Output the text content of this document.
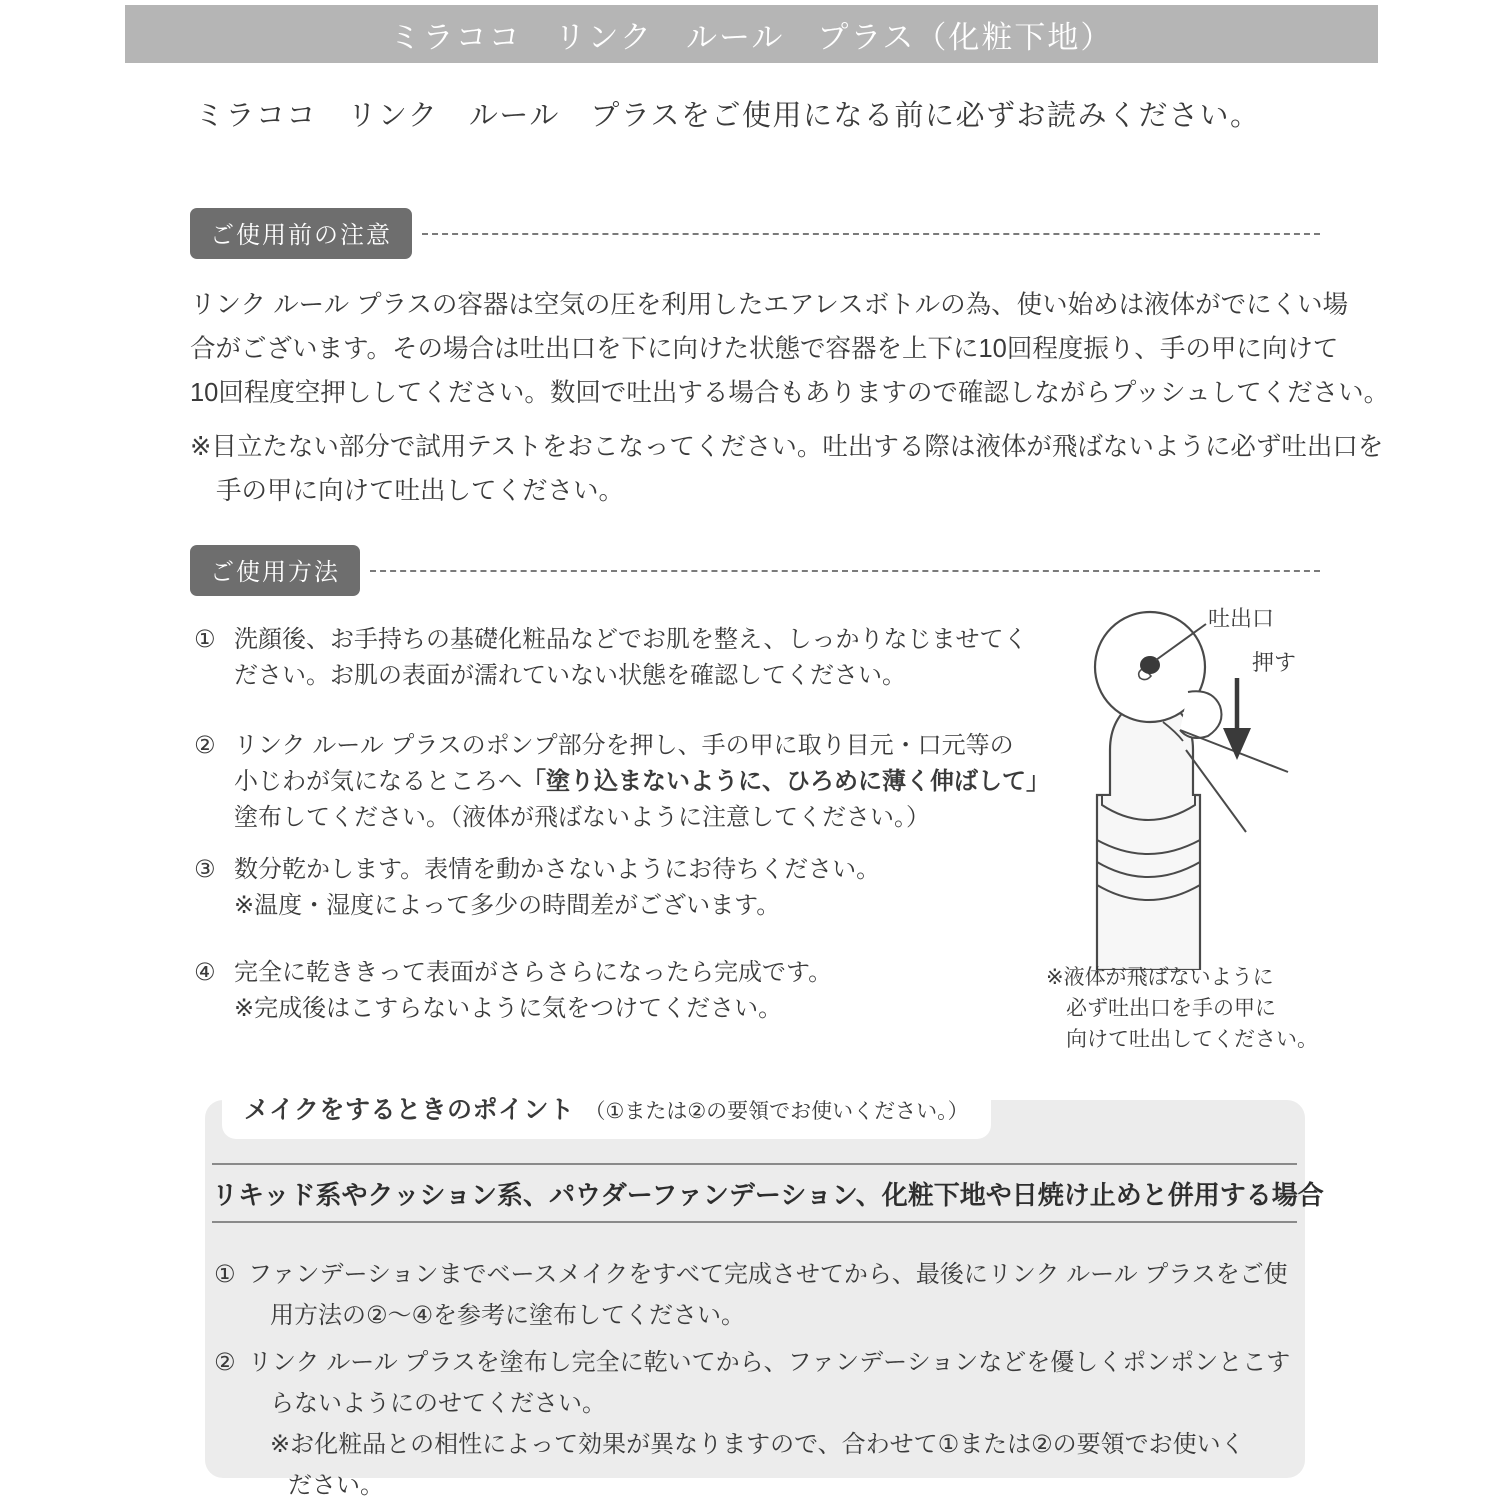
ミラココ　リンク　ルール　プラス（化粧下地）
ミラココ　リンク　ルール　プラスをご使用になる前に必ずお読みください。
ご使用前の注意
リンク ルール プラスの容器は空気の圧を利用したエアレスボトルの為、使い始めは液体がでにくい場
合がございます。その場合は吐出口を下に向けた状態で容器を上下に10回程度振り、手の甲に向けて
10回程度空押ししてください。数回で吐出する場合もありますので確認しながらプッシュしてください。
※目立たない部分で試用テストをおこなってください。吐出する際は液体が飛ばないように必ず吐出口を
手の甲に向けて吐出してください。
ご使用方法
① 洗顔後、お手持ちの基礎化粧品などでお肌を整え、しっかりなじませてく
ださい。お肌の表面が濡れていない状態を確認してください。
② リンク ルール プラスのポンプ部分を押し、手の甲に取り目元・口元等の
小じわが気になるところへ「塗り込まないように、ひろめに薄く伸ばして」
塗布してください。（液体が飛ばないように注意してください。）
③ 数分乾かします。表情を動かさないようにお待ちください。
※温度・湿度によって多少の時間差がございます。
④ 完全に乾ききって表面がさらさらになったら完成です。
※完成後はこすらないように気をつけてください。
吐出口
押す
※液体が飛ばないように
必ず吐出口を手の甲に
向けて吐出してください。
メイクをするときのポイント （①または②の要領でお使いください。）
リキッド系やクッション系、パウダーファンデーション、化粧下地や日焼け止めと併用する場合
① ファンデーションまでベースメイクをすべて完成させてから、最後にリンク ルール プラスをご使
用方法の②〜④を参考に塗布してください。
② リンク ルール プラスを塗布し完全に乾いてから、ファンデーションなどを優しくポンポンとこす
らないようにのせてください。
※お化粧品との相性によって効果が異なりますので、合わせて①または②の要領でお使いく
ださい。
